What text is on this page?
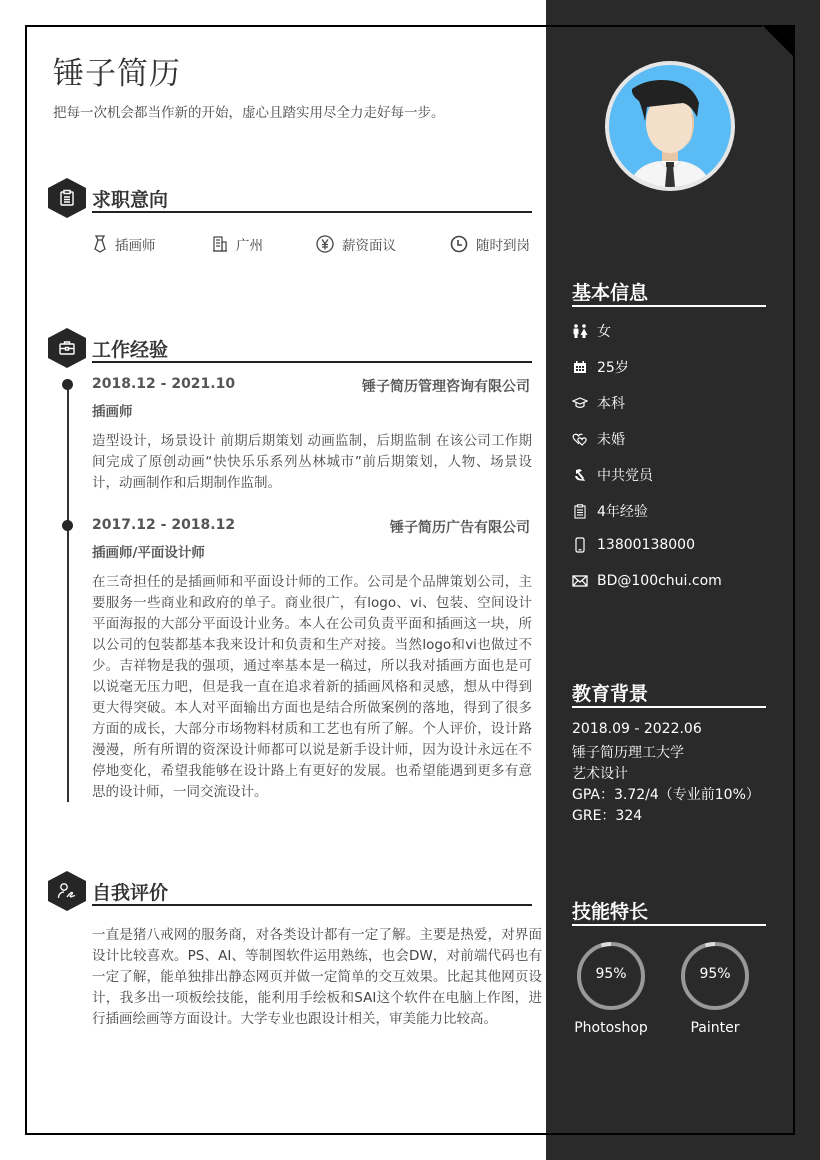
锤子简历

把每一次机会都当作新的开始，虚心且踏实用尽全力走好每一步。

求职意向
插画师	广州	薪资面议	随时到岗
工作经验
2018.12 - 2021.10	锤子简历管理咨询有限公司
插画师
造型设计，场景设计 前期后期策划 动画监制，后期监制 在该公司工作期间完成了原创动画“快快乐乐系列丛林城市”前后期策划，人物、场景设计，动画制作和后期制作监制。
2017.12 - 2018.12	锤子简历广告有限公司
插画师/平面设计师
在三奇担任的是插画师和平面设计师的工作。公司是个品牌策划公司，主要服务一些商业和政府的单子。商业很广，有logo、vi、包装、空间设计平面海报的大部分平面设计业务。本人在公司负责平面和插画这一块，所以公司的包装都基本我来设计和负责和生产对接。当然logo和vi也做过不少。吉祥物是我的强项，通过率基本是一稿过，所以我对插画方面也是可以说毫无压力吧，但是我一直在追求着新的插画风格和灵感，想从中得到更大得突破。本人对平面输出方面也是结合所做案例的落地，得到了很多方面的成长，大部分市场物料材质和工艺也有所了解。个人评价，设计路漫漫，所有所谓的资深设计师都可以说是新手设计师，因为设计永远在不停地变化，希望我能够在设计路上有更好的发展。也希望能遇到更多有意思的设计师，一同交流设计。
自我评价
一直是猪八戒网的服务商，对各类设计都有一定了解。主要是热爱，对界面设计比较喜欢。PS、AI、等制图软件运用熟练，也会DW，对前端代码也有一定了解，能单独排出静态网页并做一定简单的交互效果。比起其他网页设计，我多出一项板绘技能，能利用手绘板和SAI这个软件在电脑上作图，进行插画绘画等方面设计。大学专业也跟设计相关，审美能力比较高。
基本信息
女
25岁
本科
未婚
中共党员
4年经验
13800138000
BD@100chui.com
教育背景
2018.09 - 2022.06
锤子简历理工大学
艺术设计
GPA：3.72/4（专业前10%）
GRE：324
技能特长
95%
Photoshop
95%
Painter
